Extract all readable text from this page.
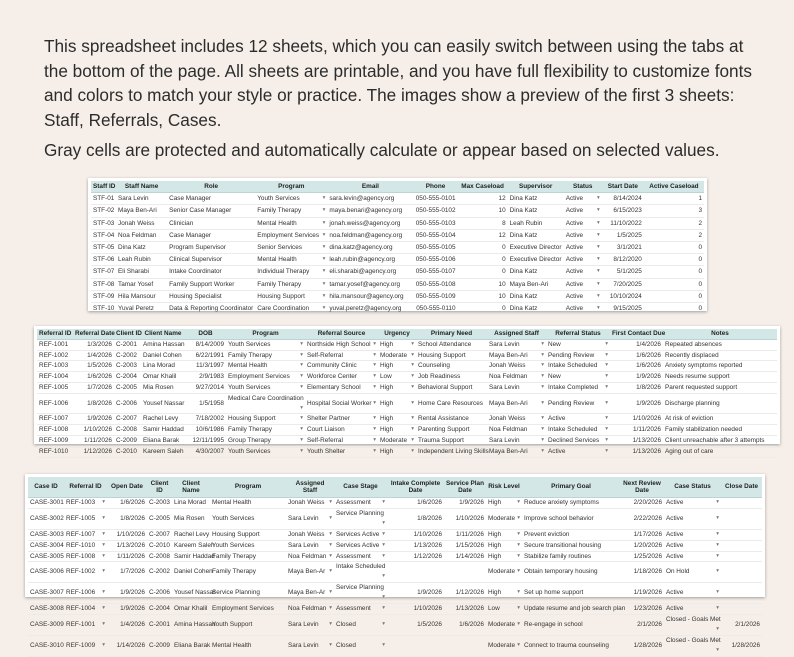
This spreadsheet includes 12 sheets, which you can easily switch between using the tabs at the bottom of the page. All sheets are printable, and you have full flexibility to customize fonts and colors to match your style or practice. The images show a preview of the first 3 sheets: Staff, Referrals, Cases.

Gray cells are protected and automatically calculate or appear based on selected values.

Staff ID	Staff Name	Role	Program	Email	Phone	Max Caseload	Supervisor	Status	Start Date	Active Caseload
STF-01	Sara Levin	Case Manager	Youth Services ▾	sara.levin@agency.org	050-555-0101	12	Dina Katz	Active ▾	8/14/2024	1
STF-02	Maya Ben-Ari	Senior Case Manager	Family Therapy ▾	maya.benari@agency.org	050-555-0102	10	Dina Katz	Active ▾	6/15/2023	3
STF-03	Jonah Weiss	Clinician	Mental Health ▾	jonah.weiss@agency.org	050-555-0103	8	Leah Rubin	Active ▾	11/10/2022	2
STF-04	Noa Feldman	Case Manager	Employment Services ▾	noa.feldman@agency.org	050-555-0104	12	Dina Katz	Active ▾	1/5/2025	2
STF-05	Dina Katz	Program Supervisor	Senior Services ▾	dina.katz@agency.org	050-555-0105	0	Executive Director	Active ▾	3/1/2021	0
STF-06	Leah Rubin	Clinical Supervisor	Mental Health ▾	leah.rubin@agency.org	050-555-0106	0	Executive Director	Active ▾	8/12/2020	0
STF-07	Eli Sharabi	Intake Coordinator	Individual Therapy ▾	eli.sharabi@agency.org	050-555-0107	0	Dina Katz	Active ▾	5/1/2025	0
STF-08	Tamar Yosef	Family Support Worker	Family Therapy ▾	tamar.yosef@agency.org	050-555-0108	10	Maya Ben-Ari	Active ▾	7/20/2025	0
STF-09	Hila Mansour	Housing Specialist	Housing Support ▾	hila.mansour@agency.org	050-555-0109	10	Dina Katz	Active ▾	10/10/2024	0
STF-10	Yuval Peretz	Data & Reporting Coordinator	Care Coordination ▾	yuval.peretz@agency.org	050-555-0110	0	Dina Katz	Active ▾	9/15/2025	0
Referral ID	Referral Date	Client ID	Client Name	DOB	Program	Referral Source	Urgency	Primary Need	Assigned Staff	Referral Status	First Contact Due	Notes
REF-1001	1/3/2026	C-2001	Amina Hassan	8/14/2009	Youth Services ▾	Northside High School ▾	High ▾	School Attendance	Sara Levin ▾	New ▾	1/4/2026	Repeated absences
REF-1002	1/4/2026	C-2002	Daniel Cohen	6/22/1991	Family Therapy ▾	Self-Referral ▾	Moderate ▾	Housing Support	Maya Ben-Ari ▾	Pending Review ▾	1/6/2026	Recently displaced
REF-1003	1/5/2026	C-2003	Lina Morad	11/3/1997	Mental Health ▾	Community Clinic ▾	High ▾	Counseling	Jonah Weiss ▾	Intake Scheduled ▾	1/6/2026	Anxiety symptoms reported
REF-1004	1/6/2026	C-2004	Omar Khalil	2/9/1983	Employment Services ▾	Workforce Center ▾	Low ▾	Job Readiness	Noa Feldman ▾	New ▾	1/9/2026	Needs resume support
REF-1005	1/7/2026	C-2005	Mia Rosen	9/27/2014	Youth Services ▾	Elementary School ▾	High ▾	Behavioral Support	Sara Levin ▾	Intake Completed ▾	1/8/2026	Parent requested support
REF-1006	1/8/2026	C-2006	Yousef Nassar	1/5/1958	Medical Care Coordination ▾	Hospital Social Worker ▾	High ▾	Home Care Resources	Maya Ben-Ari ▾	Pending Review ▾	1/9/2026	Discharge planning
REF-1007	1/9/2026	C-2007	Rachel Levy	7/18/2002	Housing Support ▾	Shelter Partner ▾	High ▾	Rental Assistance	Jonah Weiss ▾	Active ▾	1/10/2026	At risk of eviction
REF-1008	1/10/2026	C-2008	Samir Haddad	10/6/1986	Family Therapy ▾	Court Liaison ▾	High ▾	Parenting Support	Noa Feldman ▾	Intake Scheduled ▾	1/11/2026	Family stabilization needed
REF-1009	1/11/2026	C-2009	Eliana Barak	12/11/1995	Group Therapy ▾	Self-Referral ▾	Moderate ▾	Trauma Support	Sara Levin ▾	Declined Services ▾	1/13/2026	Client unreachable after 3 attempts
REF-1010	1/12/2026	C-2010	Kareem Saleh	4/30/2007	Youth Services ▾	Youth Shelter ▾	High ▾	Independent Living Skills	Maya Ben-Ari ▾	Active ▾	1/13/2026	Aging out of care
Case ID	Referral ID	Open Date	Client ID	Client Name	Program	Assigned Staff	Case Stage	Intake Complete Date	Service Plan Date	Risk Level	Primary Goal	Next Review Date	Case Status	Close Date
CASE-3001	REF-1003 ▾	1/6/2026	C-2003	Lina Morad	Mental Health	Jonah Weiss ▾	Assessment ▾	1/6/2026	1/9/2026	High ▾	Reduce anxiety symptoms	2/20/2026	Active ▾	
CASE-3002	REF-1005 ▾	1/8/2026	C-2005	Mia Rosen	Youth Services	Sara Levin ▾	Service Planning ▾	1/8/2026	1/10/2026	Moderate ▾	Improve school behavior	2/22/2026	Active ▾	
CASE-3003	REF-1007 ▾	1/10/2026	C-2007	Rachel Levy	Housing Support	Jonah Weiss ▾	Services Active ▾	1/10/2026	1/11/2026	High ▾	Prevent eviction	1/17/2026	Active ▾	
CASE-3004	REF-1010 ▾	1/13/2026	C-2010	Kareem Saleh	Youth Services	Sara Levin ▾	Services Active ▾	1/13/2026	1/15/2026	High ▾	Secure transitional housing	1/20/2026	Active ▾	
CASE-3005	REF-1008 ▾	1/11/2026	C-2008	Samir Haddad	Family Therapy	Noa Feldman ▾	Assessment ▾	1/12/2026	1/14/2026	High ▾	Stabilize family routines	1/25/2026	Active ▾	
CASE-3006	REF-1002 ▾	1/7/2026	C-2002	Daniel Cohen	Family Therapy	Maya Ben-Ar ▾	Intake Scheduled ▾			Moderate ▾	Obtain temporary housing	1/18/2026	On Hold ▾	
CASE-3007	REF-1006 ▾	1/9/2026	C-2006	Yousef Nassar	Service Planning	Maya Ben-Ar ▾	Service Planning ▾	1/9/2026	1/12/2026	High ▾	Set up home support	1/19/2026	Active ▾	
CASE-3008	REF-1004 ▾	1/9/2026	C-2004	Omar Khalil	Employment Services	Noa Feldman ▾	Assessment ▾	1/10/2026	1/13/2026	Low ▾	Update resume and job search plan	1/23/2026	Active ▾	
CASE-3009	REF-1001 ▾	1/4/2026	C-2001	Amina Hassan	Youth Support	Sara Levin ▾	Closed ▾	1/5/2026	1/6/2026	Moderate ▾	Re-engage in school	2/1/2026	Closed - Goals Met ▾	2/1/2026
CASE-3010	REF-1009 ▾	1/14/2026	C-2009	Eliana Barak	Mental Health	Sara Levin ▾	Closed ▾			Moderate ▾	Connect to trauma counseling	1/28/2026	Closed - Goals Met ▾	1/28/2026
